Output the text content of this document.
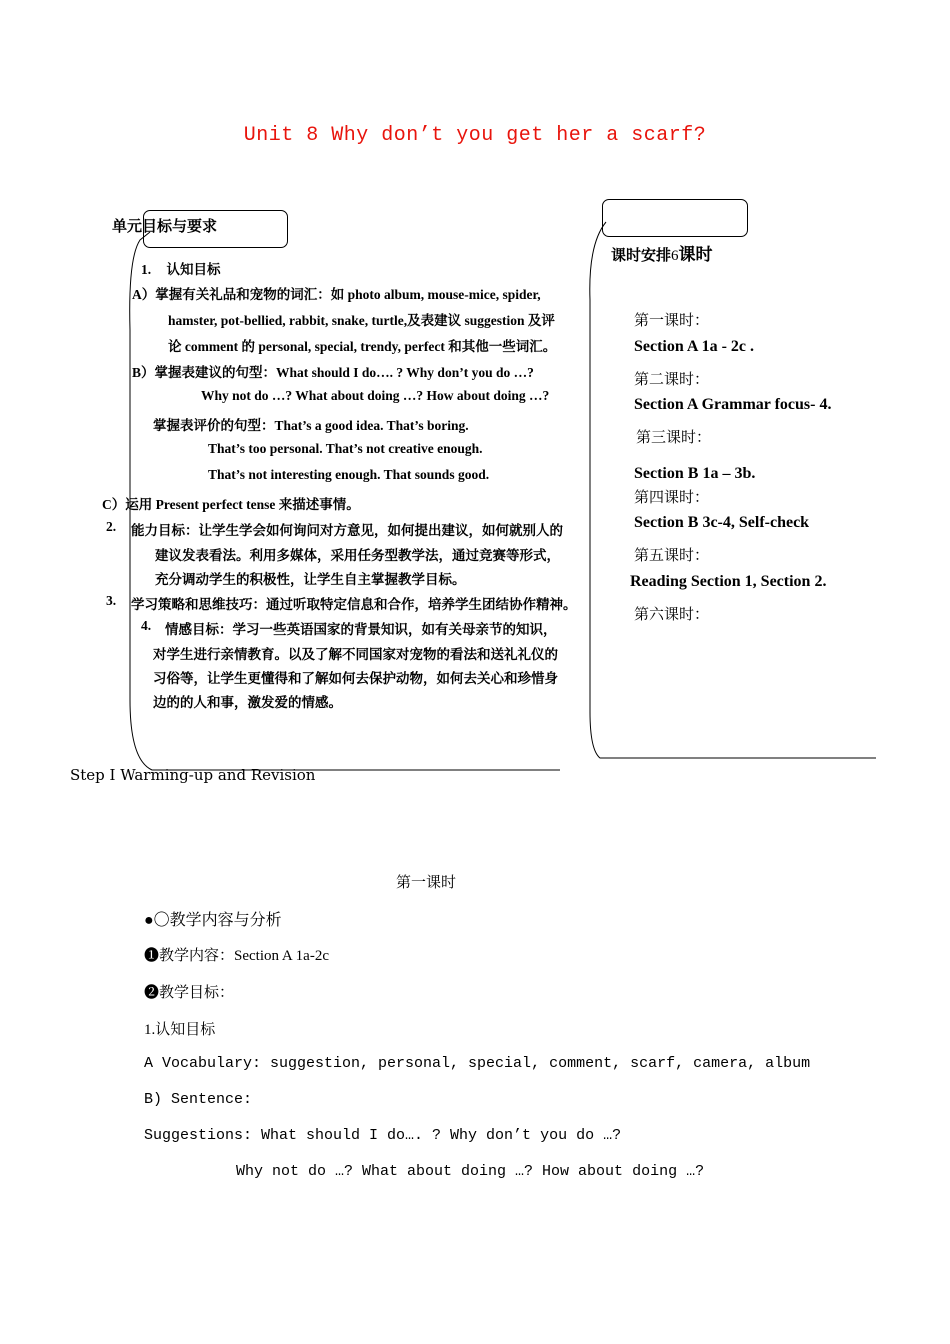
Unit 8 Why don’t you get her a scarf?
单元目标与要求
1. 认知目标
A）掌握有关礼品和宠物的词汇：如 photo album, mouse-mice, spider,
hamster, pot-bellied, rabbit, snake, turtle,及表建议 suggestion 及评
论 comment 的 personal, special, trendy, perfect 和其他一些词汇。
B）掌握表建议的句型：What should I do…. ? Why don’t you do …?
Why not do …? What about doing …? How about doing …?
掌握表评价的句型：That’s a good idea. That’s boring.
That’s too personal. That’s not creative enough.
That’s not interesting enough. That sounds good.
C）运用 Present perfect tense 来描述事情。
2. 能力目标：让学生学会如何询问对方意见，如何提出建议，如何就别人的
建议发表看法。利用多媒体，采用任务型教学法，通过竞赛等形式，
充分调动学生的积极性，让学生自主掌握教学目标。
3. 学习策略和思维技巧：通过听取特定信息和合作，培养学生团结协作精神。
4. 情感目标：学习一些英语国家的背景知识，如有关母亲节的知识，
对学生进行亲情教育。以及了解不同国家对宠物的看法和送礼礼仪的
习俗等，让学生更懂得和了解如何去保护动物，如何去关心和珍惜身
边的的人和事，激发爱的情感。
课时安排6课时
第一课时：
Section A 1a - 2c .
第二课时：
Section A Grammar focus- 4.
第三课时：
Section B 1a – 3b.
第四课时：
Section B 3c-4, Self-check
第五课时：
Reading Section 1, Section 2.
第六课时：
Step I Warming-up and Revision
第一课时
●〇教学内容与分析
❶教学内容：Section A 1a-2c
❷教学目标：
1.认知目标
A Vocabulary: suggestion, personal, special, comment, scarf, camera, album
B) Sentence:
Suggestions: What should I do…. ? Why don’t you do …?
Why not do …? What about doing …? How about doing …?
